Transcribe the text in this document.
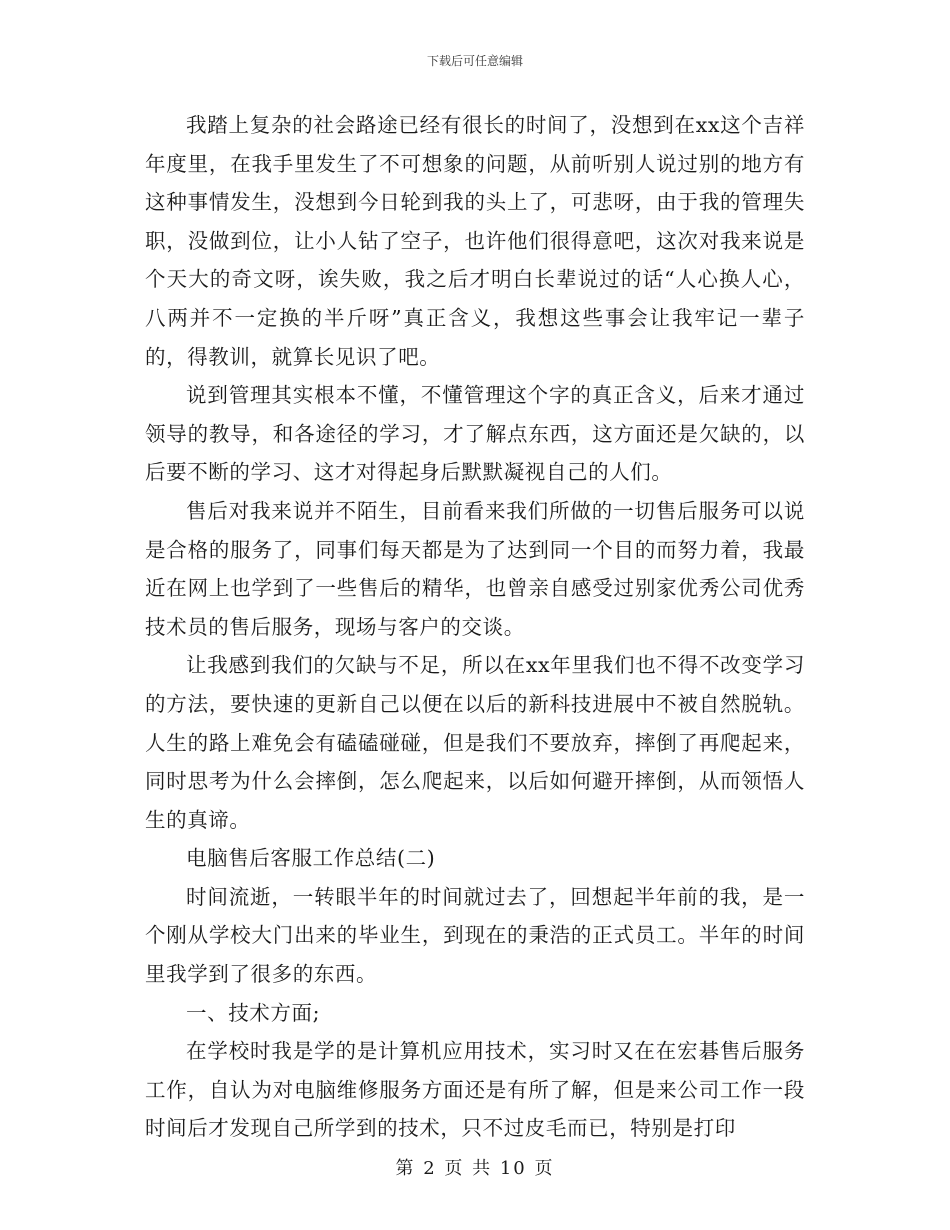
下载后可任意编辑

我踏上复杂的社会路途已经有很长的时间了，没想到在xx这个吉祥年度里，在我手里发生了不可想象的问题，从前听别人说过别的地方有这种事情发生，没想到今日轮到我的头上了，可悲呀，由于我的管理失职，没做到位，让小人钻了空子，也许他们很得意吧，这次对我来说是个天大的奇文呀，诶失败，我之后才明白长辈说过的话“人心换人心，八两并不一定换的半斤呀”真正含义，我想这些事会让我牢记一辈子的，得教训，就算长见识了吧。

说到管理其实根本不懂，不懂管理这个字的真正含义，后来才通过领导的教导，和各途径的学习，才了解点东西，这方面还是欠缺的，以后要不断的学习、这才对得起身后默默凝视自己的人们。

售后对我来说并不陌生，目前看来我们所做的一切售后服务可以说是合格的服务了，同事们每天都是为了达到同一个目的而努力着，我最近在网上也学到了一些售后的精华，也曾亲自感受过别家优秀公司优秀技术员的售后服务，现场与客户的交谈。

让我感到我们的欠缺与不足，所以在xx年里我们也不得不改变学习的方法，要快速的更新自己以便在以后的新科技进展中不被自然脱轨。人生的路上难免会有磕磕碰碰，但是我们不要放弃，摔倒了再爬起来，同时思考为什么会摔倒，怎么爬起来，以后如何避开摔倒，从而领悟人生的真谛。

电脑售后客服工作总结(二)

时间流逝，一转眼半年的时间就过去了，回想起半年前的我，是一个刚从学校大门出来的毕业生，到现在的秉浩的正式员工。半年的时间里我学到了很多的东西。

一、技术方面;

在学校时我是学的是计算机应用技术，实习时又在在宏碁售后服务工作，自认为对电脑维修服务方面还是有所了解，但是来公司工作一段时间后才发现自己所学到的技术，只不过皮毛而已，特别是打印

第 2 页 共 10 页
